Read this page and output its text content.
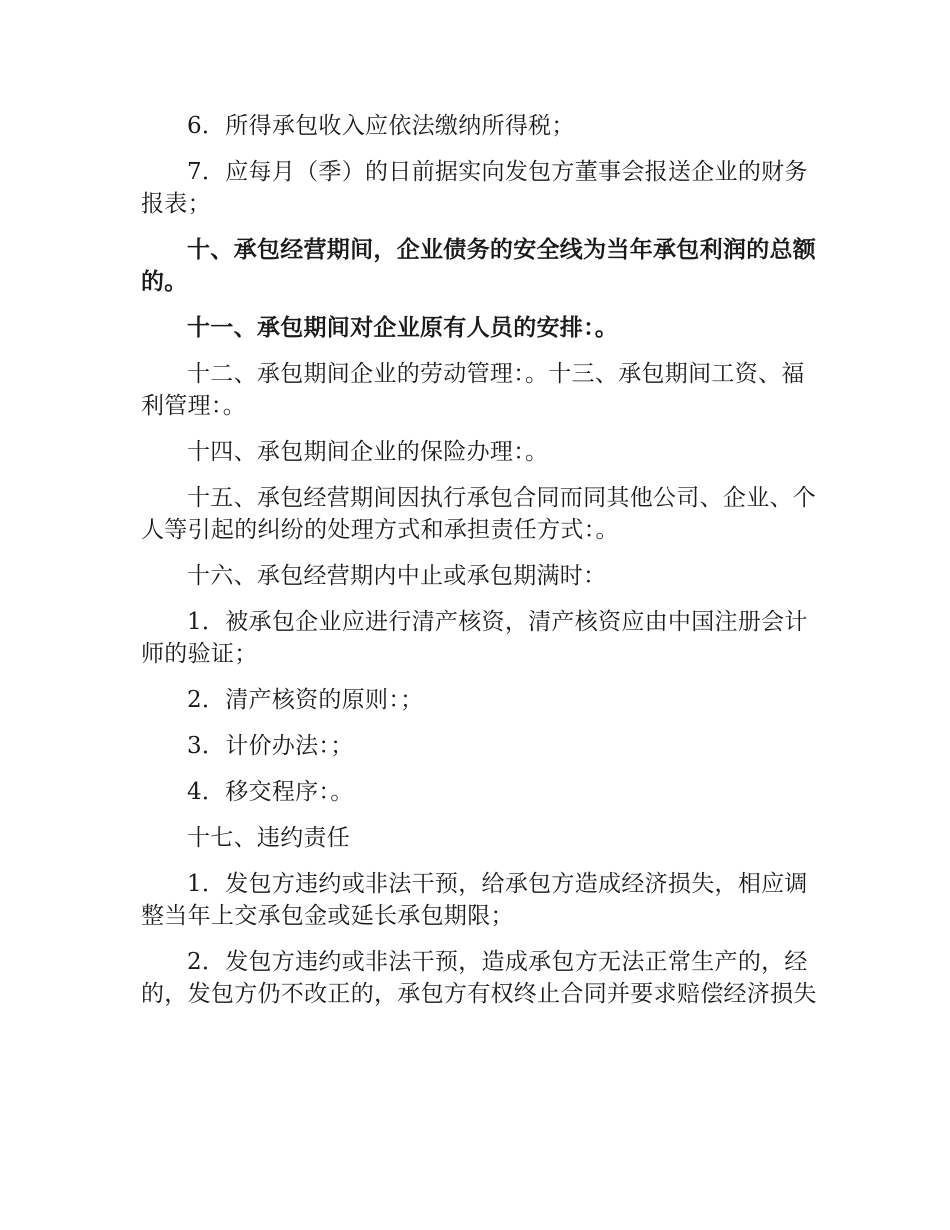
6．所得承包收入应依法缴纳所得税；

7．应每月（季）的日前据实向发包方董事会报送企业的财务报表；

十、承包经营期间，企业债务的安全线为当年承包利润的总额的。

十一、承包期间对企业原有人员的安排：。

十二、承包期间企业的劳动管理：。十三、承包期间工资、福利管理：。

十四、承包期间企业的保险办理：。

十五、承包经营期间因执行承包合同而同其他公司、企业、个人等引起的纠纷的处理方式和承担责任方式：。

十六、承包经营期内中止或承包期满时：

1．被承包企业应进行清产核资，清产核资应由中国注册会计师的验证；

2．清产核资的原则：；

3．计价办法：；

4．移交程序：。

十七、违约责任

1．发包方违约或非法干预，给承包方造成经济损失，相应调整当年上交承包金或延长承包期限；

2．发包方违约或非法干预，造成承包方无法正常生产的，经的，发包方仍不改正的，承包方有权终止合同并要求赔偿经济损失
